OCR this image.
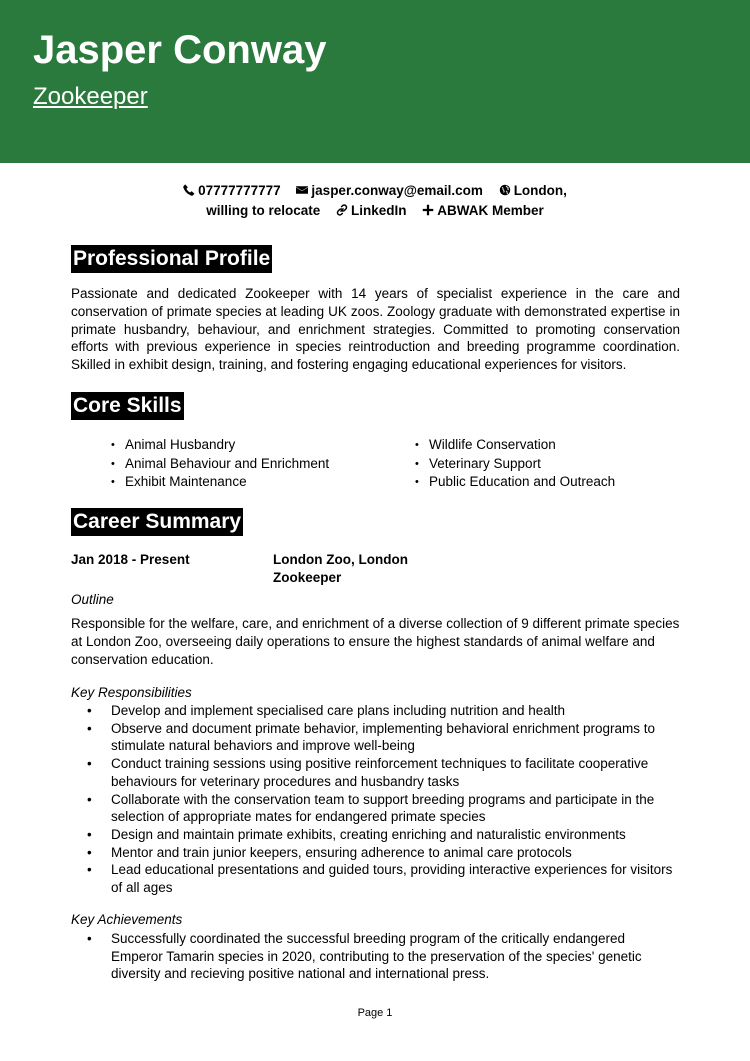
Jasper Conway
Zookeeper
07777777777 jasper.conway@email.com London,
willing to relocate LinkedIn ABWAK Member
Professional Profile
Passionate and dedicated Zookeeper with 14 years of specialist experience in the care and conservation of primate species at leading UK zoos. Zoology graduate with demonstrated expertise in primate husbandry, behaviour, and enrichment strategies. Committed to promoting conservation efforts with previous experience in species reintroduction and breeding programme coordination. Skilled in exhibit design, training, and fostering engaging educational experiences for visitors.
Core Skills
• Animal Husbandry
• Animal Behaviour and Enrichment
• Exhibit Maintenance
• Wildlife Conservation
• Veterinary Support
• Public Education and Outreach
Career Summary
Jan 2018 - Present	London Zoo, London
Zookeeper
Outline
Responsible for the welfare, care, and enrichment of a diverse collection of 9 different primate species at London Zoo, overseeing daily operations to ensure the highest standards of animal welfare and conservation education.
Key Responsibilities
• Develop and implement specialised care plans including nutrition and health
• Observe and document primate behavior, implementing behavioral enrichment programs to stimulate natural behaviors and improve well-being
• Conduct training sessions using positive reinforcement techniques to facilitate cooperative behaviours for veterinary procedures and husbandry tasks
• Collaborate with the conservation team to support breeding programs and participate in the selection of appropriate mates for endangered primate species
• Design and maintain primate exhibits, creating enriching and naturalistic environments
• Mentor and train junior keepers, ensuring adherence to animal care protocols
• Lead educational presentations and guided tours, providing interactive experiences for visitors of all ages
Key Achievements
• Successfully coordinated the successful breeding program of the critically endangered Emperor Tamarin species in 2020, contributing to the preservation of the species' genetic diversity and recieving positive national and international press.
Page 1
